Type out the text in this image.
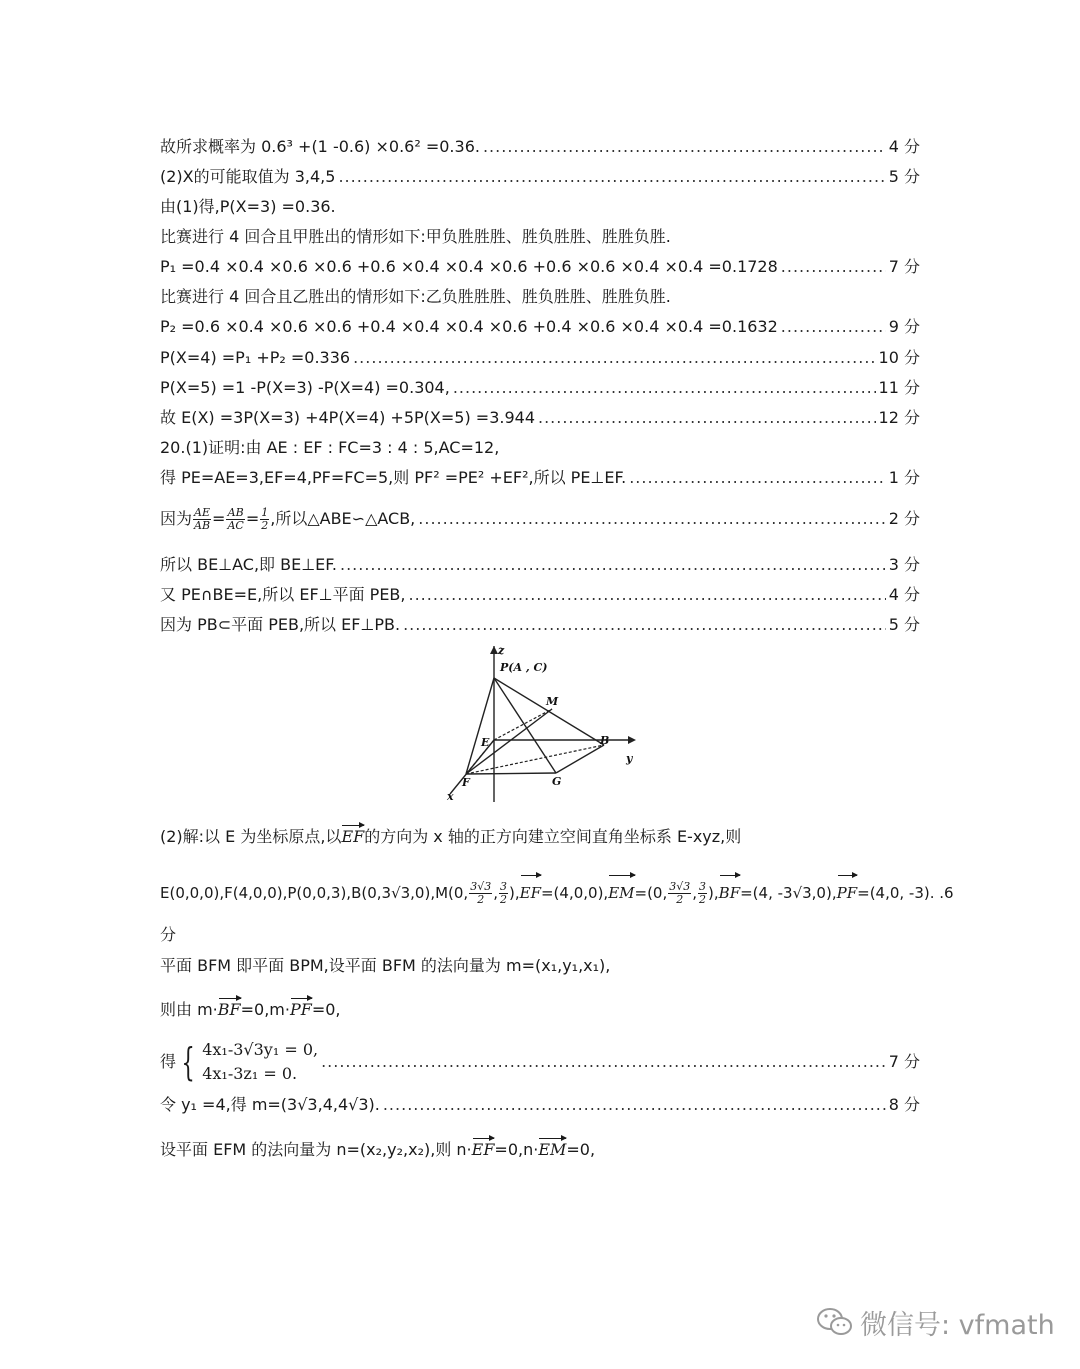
故所求概率为 0.6³ +(1 -0.6) ×0.6² =0.36. .....	4 分
(2)X的可能取值为 3,4,5 .....	5 分
由(1)得,P(X=3) =0.36.
比赛进行 4 回合且甲胜出的情形如下:甲负胜胜胜、胜负胜胜、胜胜负胜.
P₁ =0.4 ×0.4 ×0.6 ×0.6 +0.6 ×0.4 ×0.4 ×0.6 +0.6 ×0.6 ×0.4 ×0.4 =0.1728 .....	7 分
比赛进行 4 回合且乙胜出的情形如下:乙负胜胜胜、胜负胜胜、胜胜负胜.
P₂ =0.6 ×0.4 ×0.6 ×0.6 +0.4 ×0.4 ×0.4 ×0.6 +0.4 ×0.6 ×0.4 ×0.4 =0.1632 .....	9 分
P(X=4) =P₁ +P₂ =0.336 .....	10 分
P(X=5) =1 -P(X=3) -P(X=4) =0.304, .....	11 分
故 E(X) =3P(X=3) +4P(X=4) +5P(X=5) =3.944 .....	12 分
20.(1)证明:由 AE : EF : FC=3 : 4 : 5,AC=12,
得 PE=AE=3,EF=4,PF=FC=5,则 PF² =PE² +EF²,所以 PE⊥EF. .....	1 分
因为 $\frac{AE}{AB} = \frac{AB}{AC} = \frac{1}{2}$ ,所以△ABE∽△ACB, .....	2 分
所以 BE⊥AC,即 BE⊥EF. .....	3 分
又 PE∩BE=E,所以 EF⊥平面 PEB, .....	4 分
因为 PB⊂平面 PEB,所以 EF⊥PB. .....	5 分
z
P(A , C)
M
E	B
y
F	G
x
(2)解:以 E 为坐标原点,以EF的方向为 x 轴的正方向建立空间直角坐标系 E-xyz,则
E(0,0,0),F(4,0,0),P(0,0,3),B(0,3√3,0),M(0, $\frac{3√3}{2}$ , $\frac{3}{2} ),EF=(4,0,0),EM=(0$, $\frac{3√3}{2}$ , $\frac{3}{2} ),BF=(4$, -3√3,0),PF=(4,0, -3). .6
分
平面 BFM 即平面 BPM,设平面 BFM 的法向量为 m=(x₁,y₁,x₁),
则由 m·BF=0,m·PF=0,
得 { 4x₁-3√3y₁ = 0,
4x₁-3z₁ = 0.
.....
7 分
令 y₁ =4,得 m=(3√3,4,4√3). .....	8 分
设平面 EFM 的法向量为 n=(x₂,y₂,x₂),则 n·EF=0,n·EM=0,
微信号: vfmath
